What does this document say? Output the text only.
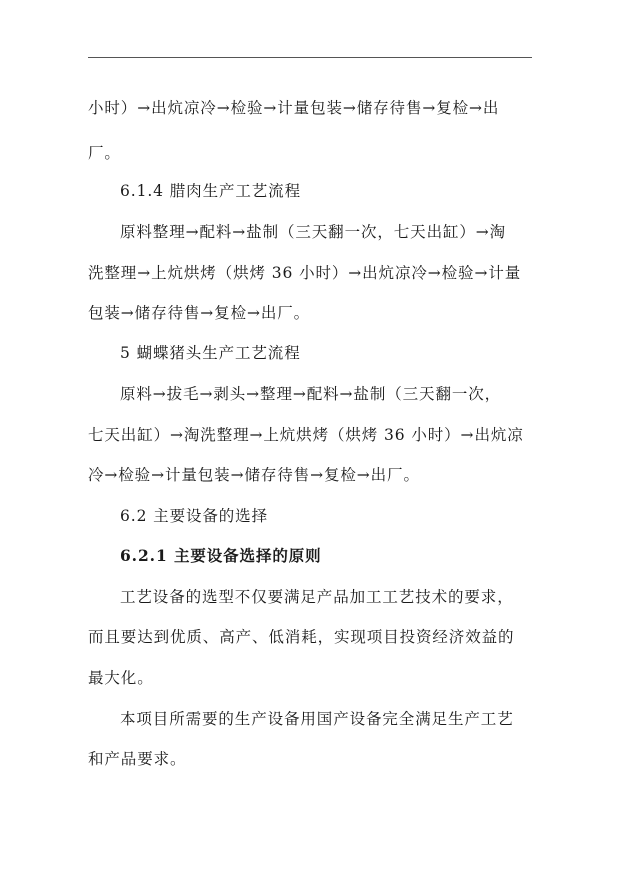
小时）→出炕凉冷→检验→计量包装→储存待售→复检→出
厂。
6.1.4 腊肉生产工艺流程
原料整理→配料→盐制（三天翻一次，七天出缸）→淘
洗整理→上炕烘烤（烘烤 36 小时）→出炕凉冷→检验→计量
包装→储存待售→复检→出厂。
5 蝴蝶猪头生产工艺流程
原料→拔毛→剥头→整理→配料→盐制（三天翻一次，
七天出缸）→淘洗整理→上炕烘烤（烘烤 36 小时）→出炕凉
冷→检验→计量包装→储存待售→复检→出厂。
6.2 主要设备的选择
6.2.1 主要设备选择的原则
工艺设备的选型不仅要满足产品加工工艺技术的要求，
而且要达到优质、高产、低消耗，实现项目投资经济效益的
最大化。
本项目所需要的生产设备用国产设备完全满足生产工艺
和产品要求。
